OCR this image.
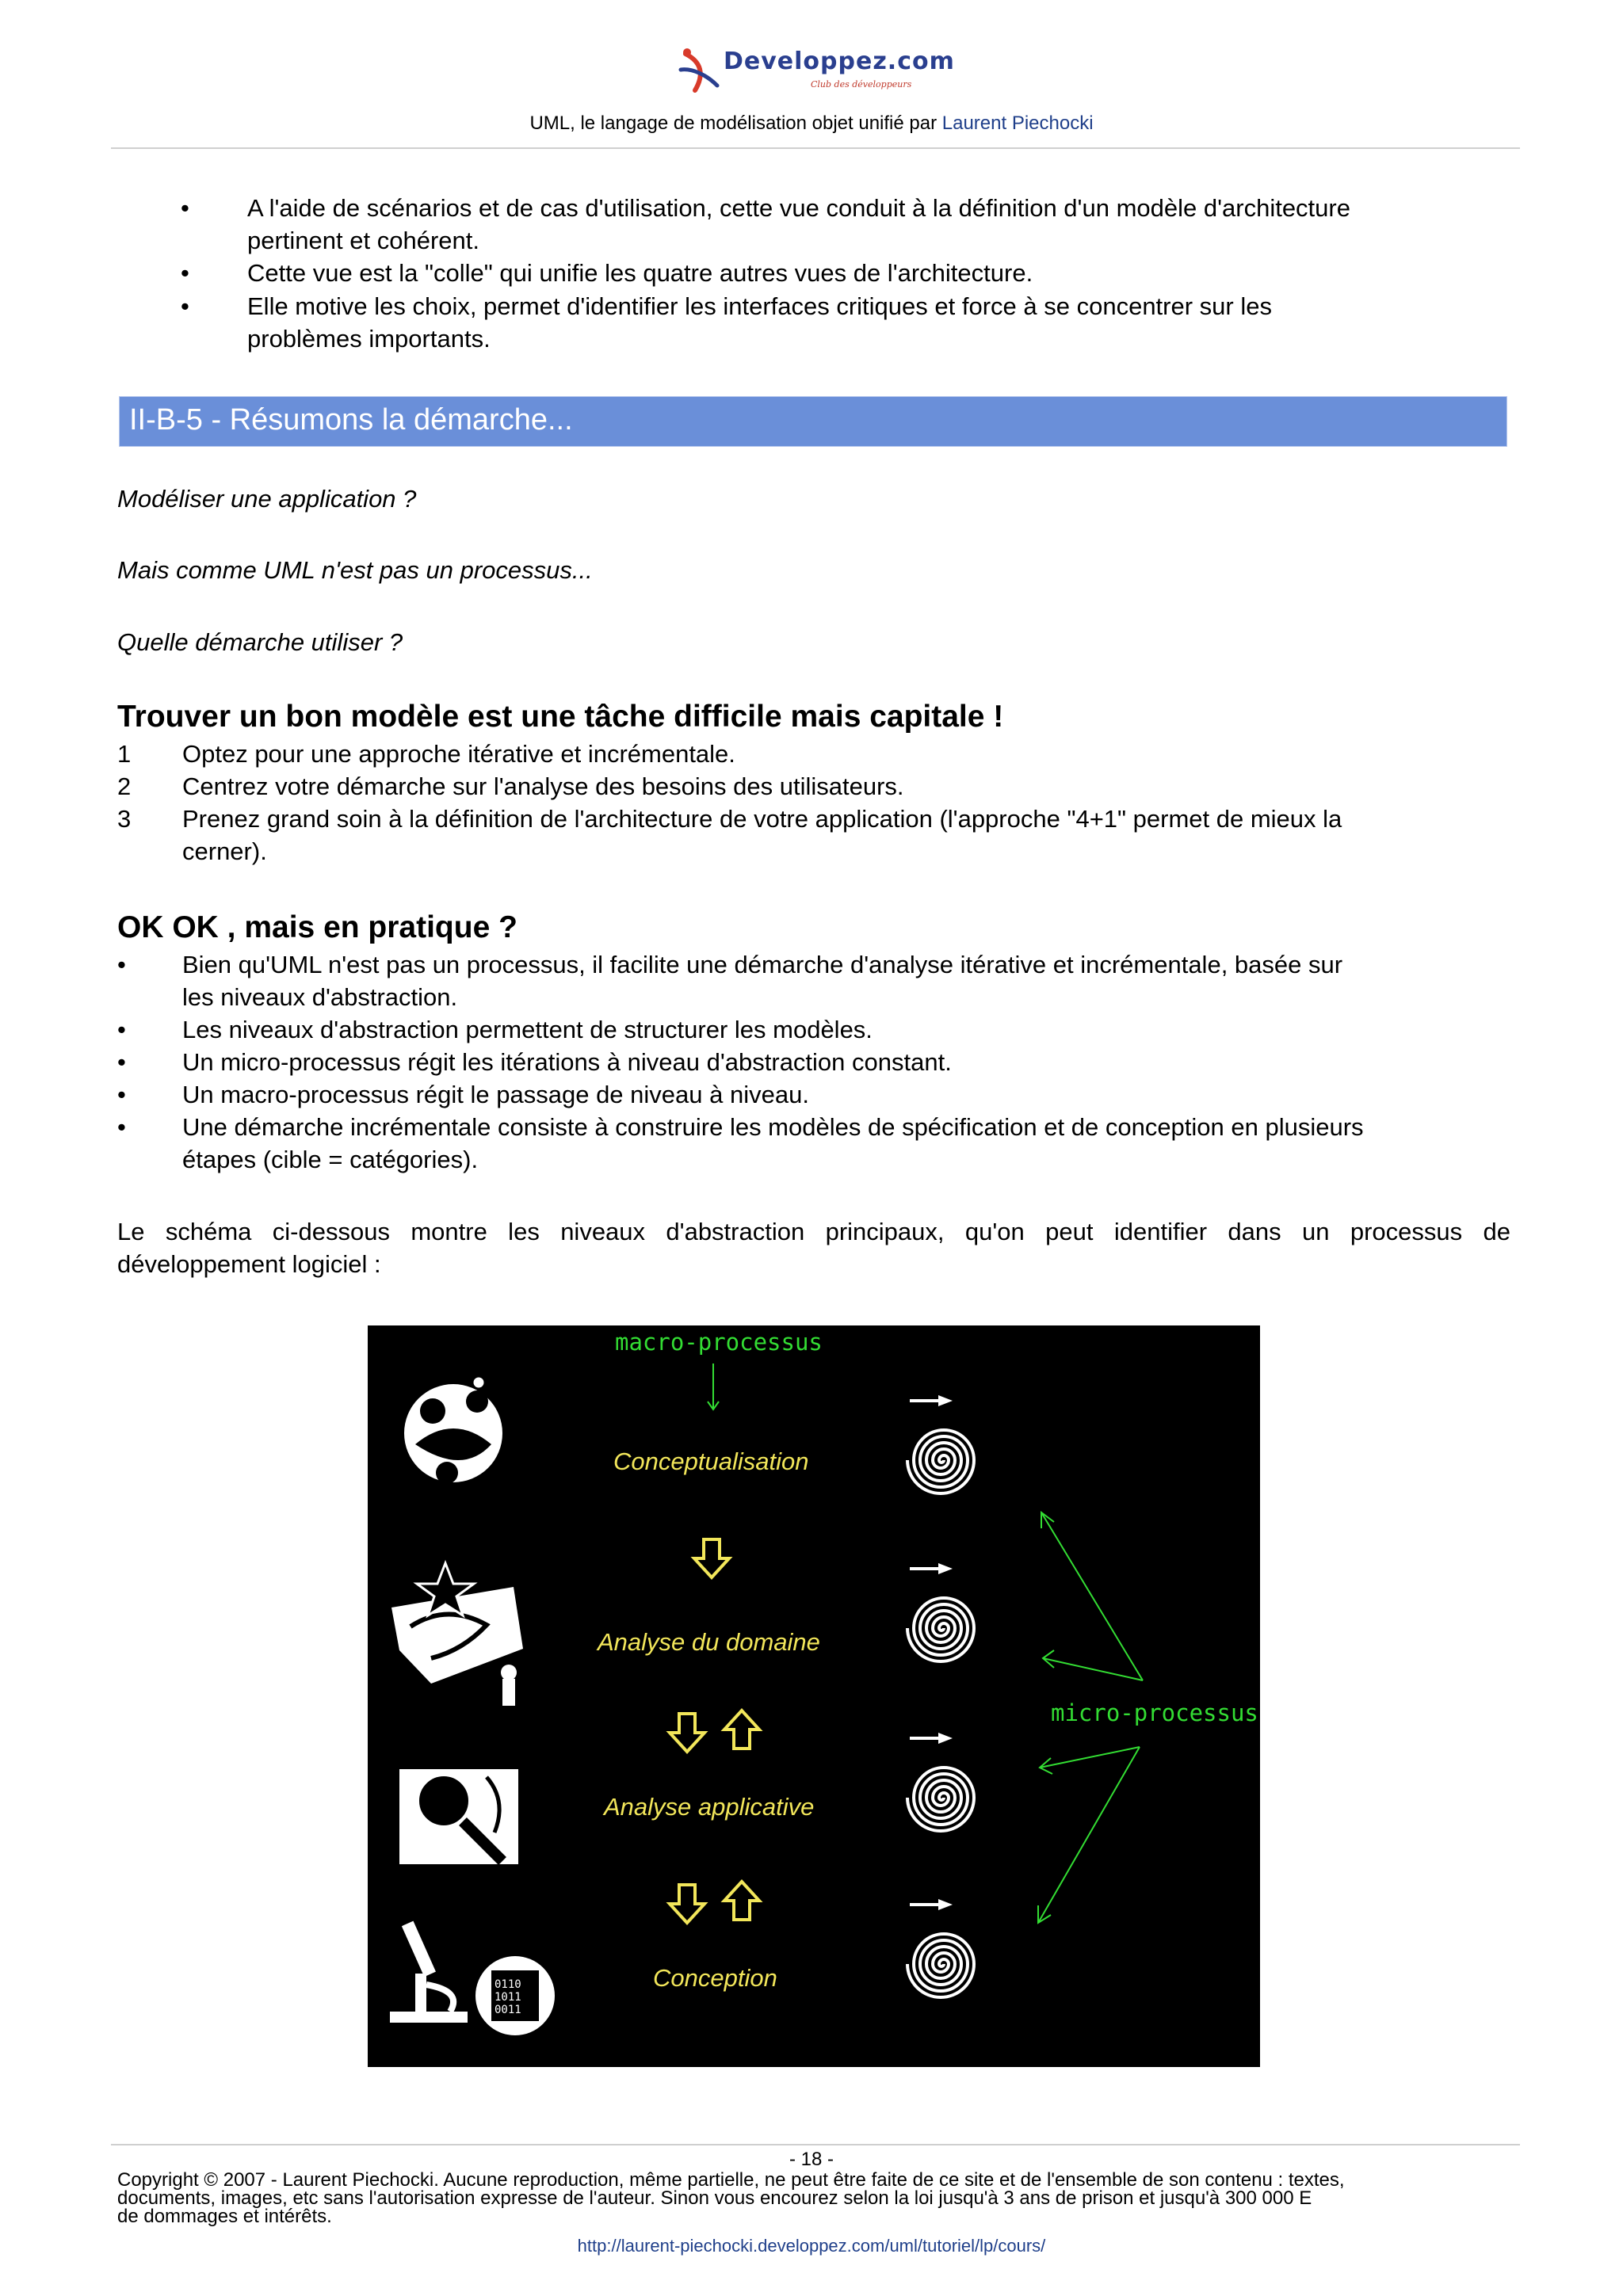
Developpez.com
Club des développeurs
UML, le langage de modélisation objet unifié par Laurent Piechocki
• A l'aide de scénarios et de cas d'utilisation, cette vue conduit à la définition d'un modèle d'architecture
pertinent et cohérent.
• Cette vue est la "colle" qui unifie les quatre autres vues de l'architecture.
• Elle motive les choix, permet d'identifier les interfaces critiques et force à se concentrer sur les
problèmes importants.
II-B-5 - Résumons la démarche...
Modéliser une application ?
Mais comme UML n'est pas un processus...
Quelle démarche utiliser ?
Trouver un bon modèle est une tâche difficile mais capitale !
1 Optez pour une approche itérative et incrémentale.
2 Centrez votre démarche sur l'analyse des besoins des utilisateurs.
3 Prenez grand soin à la définition de l'architecture de votre application (l'approche "4+1" permet de mieux la
cerner).
OK OK , mais en pratique ?
• Bien qu'UML n'est pas un processus, il facilite une démarche d'analyse itérative et incrémentale, basée sur
les niveaux d'abstraction.
• Les niveaux d'abstraction permettent de structurer les modèles.
• Un micro-processus régit les itérations à niveau d'abstraction constant.
• Un macro-processus régit le passage de niveau à niveau.
• Une démarche incrémentale consiste à construire les modèles de spécification et de conception en plusieurs
étapes (cible = catégories).
Le schéma ci-dessous montre les niveaux d'abstraction principaux, qu'on peut identifier dans un processus de
développement logiciel :
macro-processus
micro-processus
Conceptualisation
Analyse du domaine
Analyse applicative
Conception
0110
1011
0011
- 18 -
Copyright © 2007 - Laurent Piechocki. Aucune reproduction, même partielle, ne peut être faite de ce site et de l'ensemble de son contenu : textes,
documents, images, etc sans l'autorisation expresse de l'auteur. Sinon vous encourez selon la loi jusqu'à 3 ans de prison et jusqu'à 300 000 E
de dommages et intérêts.
http://laurent-piechocki.developpez.com/uml/tutoriel/lp/cours/
